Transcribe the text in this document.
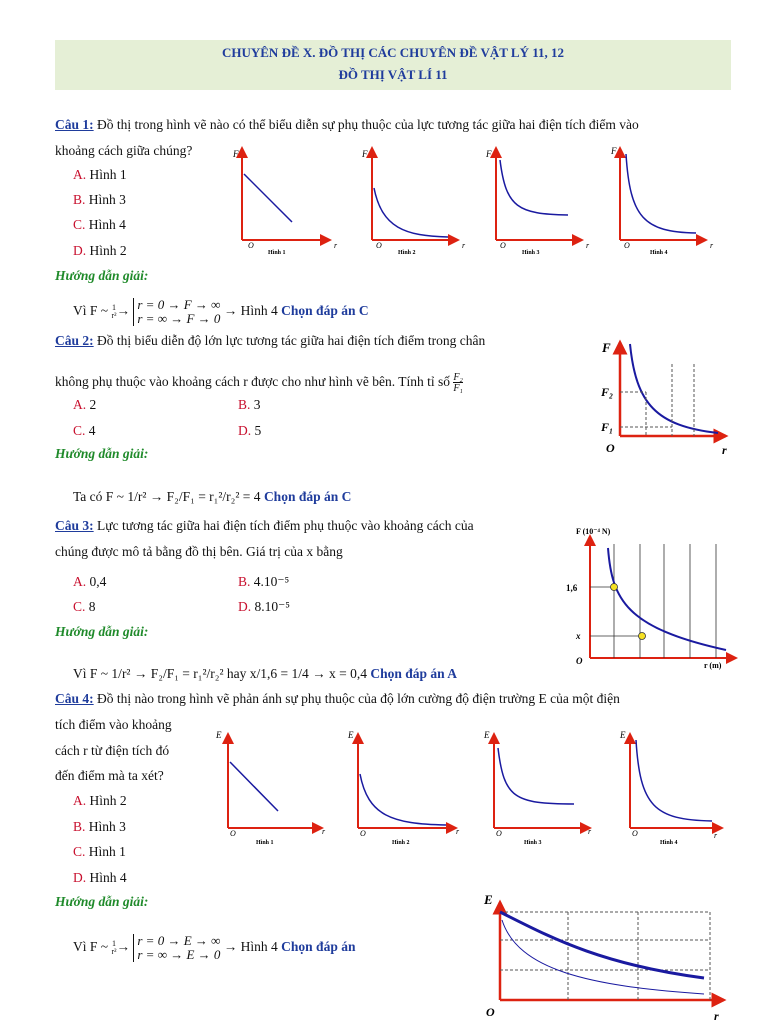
CHUYÊN ĐỀ X. ĐỒ THỊ CÁC CHUYÊN ĐỀ VẬT LÝ 11, 12
ĐỒ THỊ VẬT LÍ 11
Câu 1: Đồ thị trong hình vẽ nào có thể biểu diễn sự phụ thuộc của lực tương tác giữa hai điện tích điểm vào
khoảng cách giữa chúng?
A. Hình 1
B. Hình 3
C. Hình 4
D. Hình 2
F
O	r
Hình 1
F
O	r
Hình 2
F
O	r
Hình 3
F
O	r
Hình 4
Hướng dẫn giải:
Vì F ~ 1
r²→ r = 0 → F → ∞
r = ∞ → F → 0 → Hình 4 Chọn đáp án C
Câu 2: Đồ thị biểu diễn độ lớn lực tương tác giữa hai điện tích điểm trong chân
không phụ thuộc vào khoảng cách r được cho như hình vẽ bên. Tính tỉ số $\frac{\text{F₂}}{\text{F₁}}$
A. 2	B. 3
C. 4	D. 5
F
F₂
F₁
O	r
Hướng dẫn giải:
Ta có F ~ 1/r² → F₂/F₁ = r₁²/r₂² = 4 Chọn đáp án C
Câu 3: Lực tương tác giữa hai điện tích điểm phụ thuộc vào khoảng cách của
chúng được mô tả bằng đồ thị bên. Giá trị của x bằng
A. 0,4	B. 4.10⁻⁵
C. 8	D. 8.10⁻⁵
F (10⁻⁴ N)
1,6
x
O	r (m)
Hướng dẫn giải:
Vì F ~ 1/r² → F₂/F₁ = r₁²/r₂² hay x/1,6 = 1/4 → x = 0,4 Chọn đáp án A
Câu 4: Đồ thị nào trong hình vẽ phản ánh sự phụ thuộc của độ lớn cường độ điện trường E của một điện
tích điểm vào khoảng
cách r từ điện tích đó
đến điểm mà ta xét?
A. Hình 2
B. Hình 3
C. Hình 1
D. Hình 4
E
O	r
Hình 1
E
O	r
Hình 2
E
O	r
Hình 3
E
O	r
Hình 4
Hướng dẫn giải:
Vì F ~ 1
r²→ r = 0 → E → ∞
r = ∞ → E → 0 → Hình 4 Chọn đáp án
E
O	r
